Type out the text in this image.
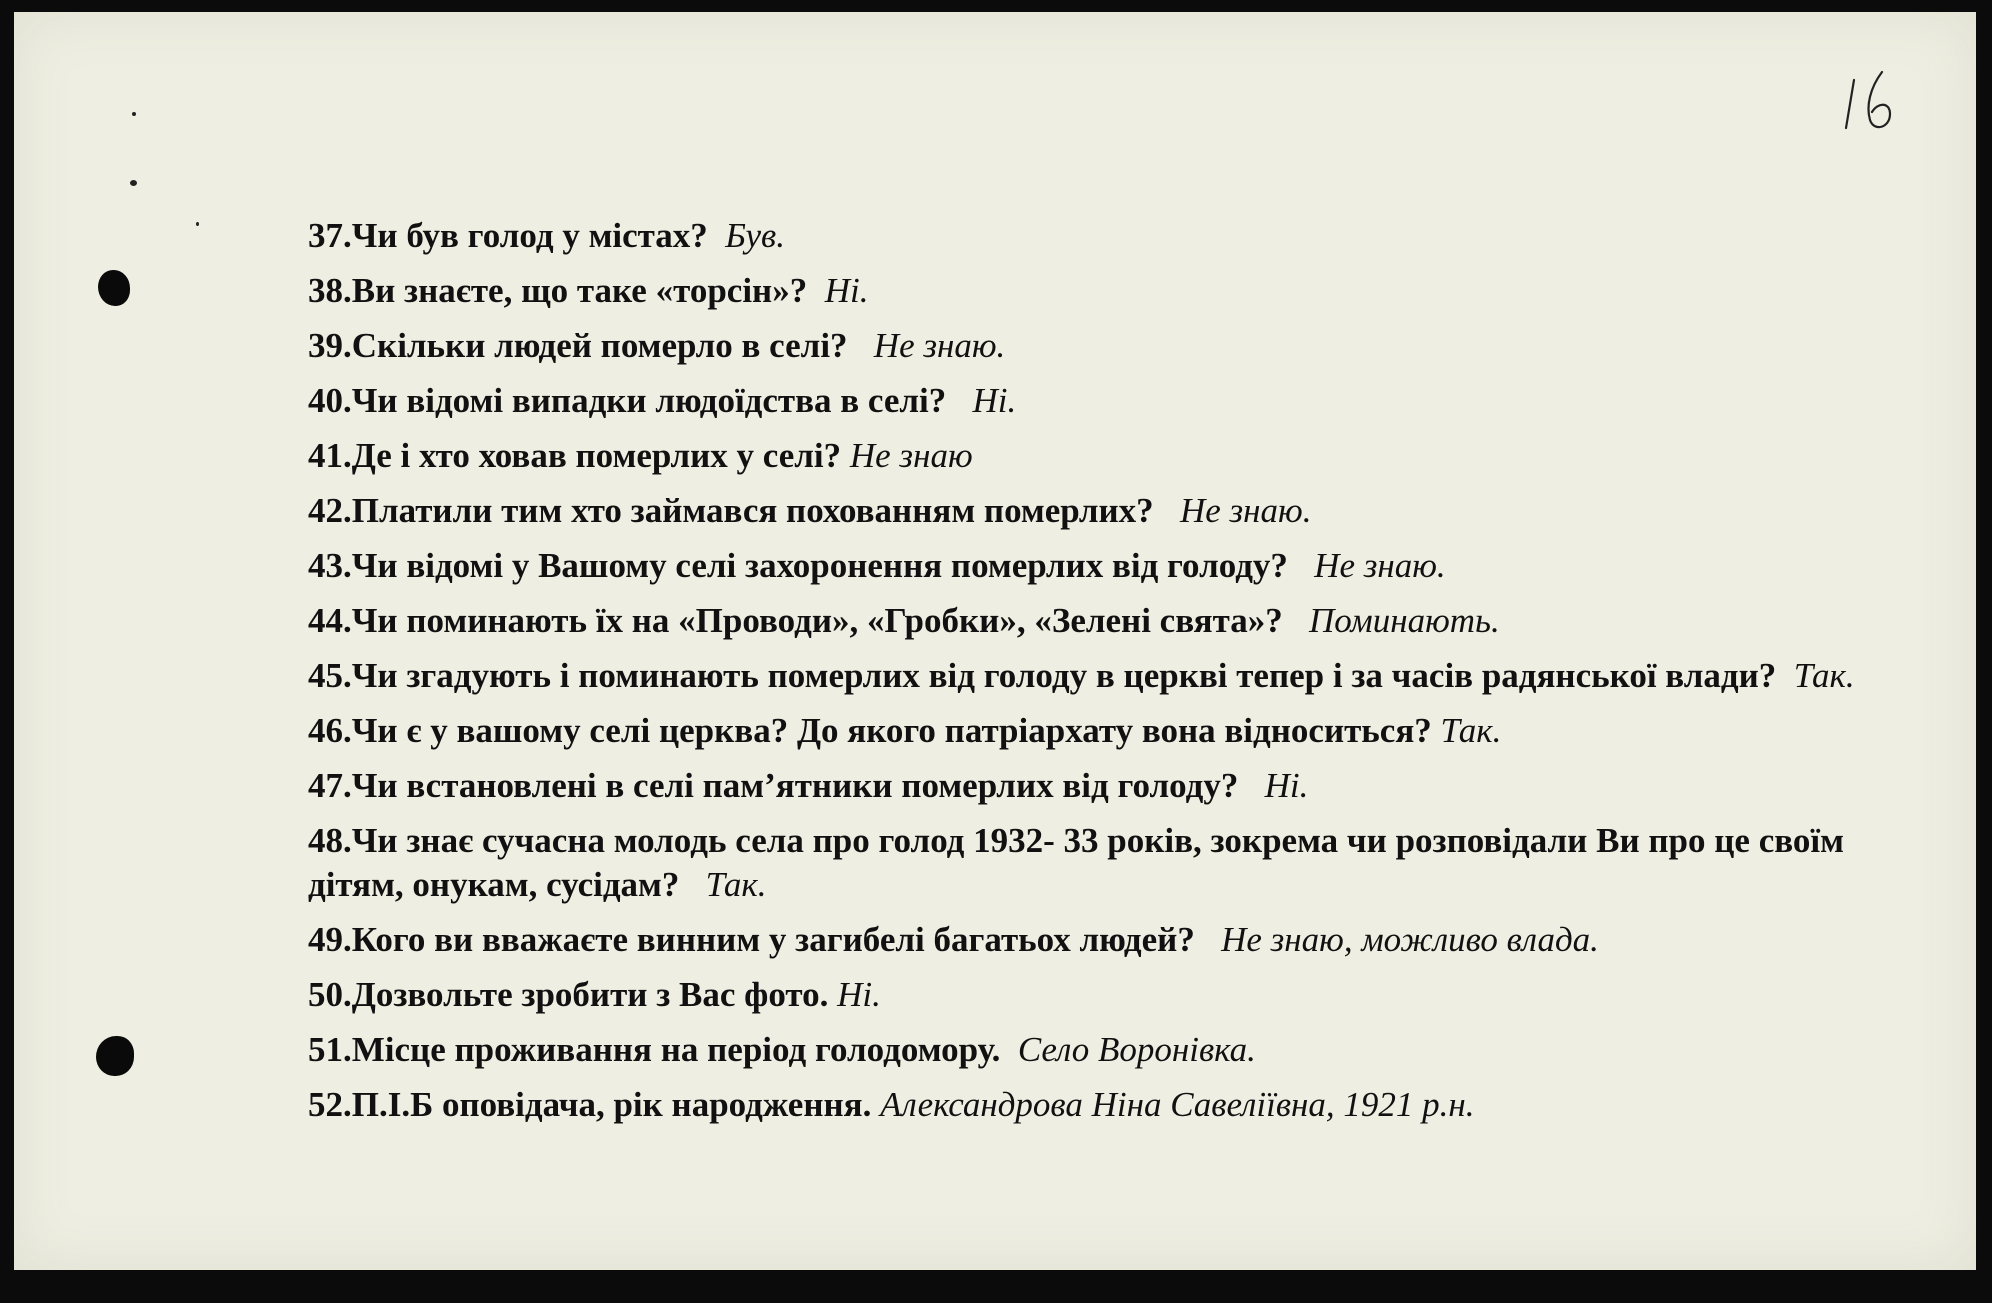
37.Чи був голод у містах? Був.
38.Ви знаєте, що таке «торсін»? Ні.
39.Скільки людей померло в селі? Не знаю.
40.Чи відомі випадки людоїдства в селі? Ні.
41.Де і хто ховав померлих у селі? Не знаю
42.Платили тим хто займався похованням померлих? Не знаю.
43.Чи відомі у Вашому селі захоронення померлих від голоду? Не знаю.
44.Чи поминають їх на «Проводи», «Гробки», «Зелені свята»? Поминають.
45.Чи згадують і поминають померлих від голоду в церкві тепер і за часів радянської влади? Так.
46.Чи є у вашому селі церква? До якого патріархату вона відноситься? Так.
47.Чи встановлені в селі пам’ятники померлих від голоду? Ні.
48.Чи знає сучасна молодь села про голод 1932- 33 років, зокрема чи розповідали Ви про це своїм дітям, онукам, сусідам? Так.
49.Кого ви вважаєте винним у загибелі багатьох людей? Не знаю, можливо влада.
50.Дозвольте зробити з Вас фото. Ні.
51.Місце проживання на період голодомору. Село Воронівка.
52.П.І.Б оповідача, рік народження. Александрова Ніна Савеліївна, 1921 р.н.
